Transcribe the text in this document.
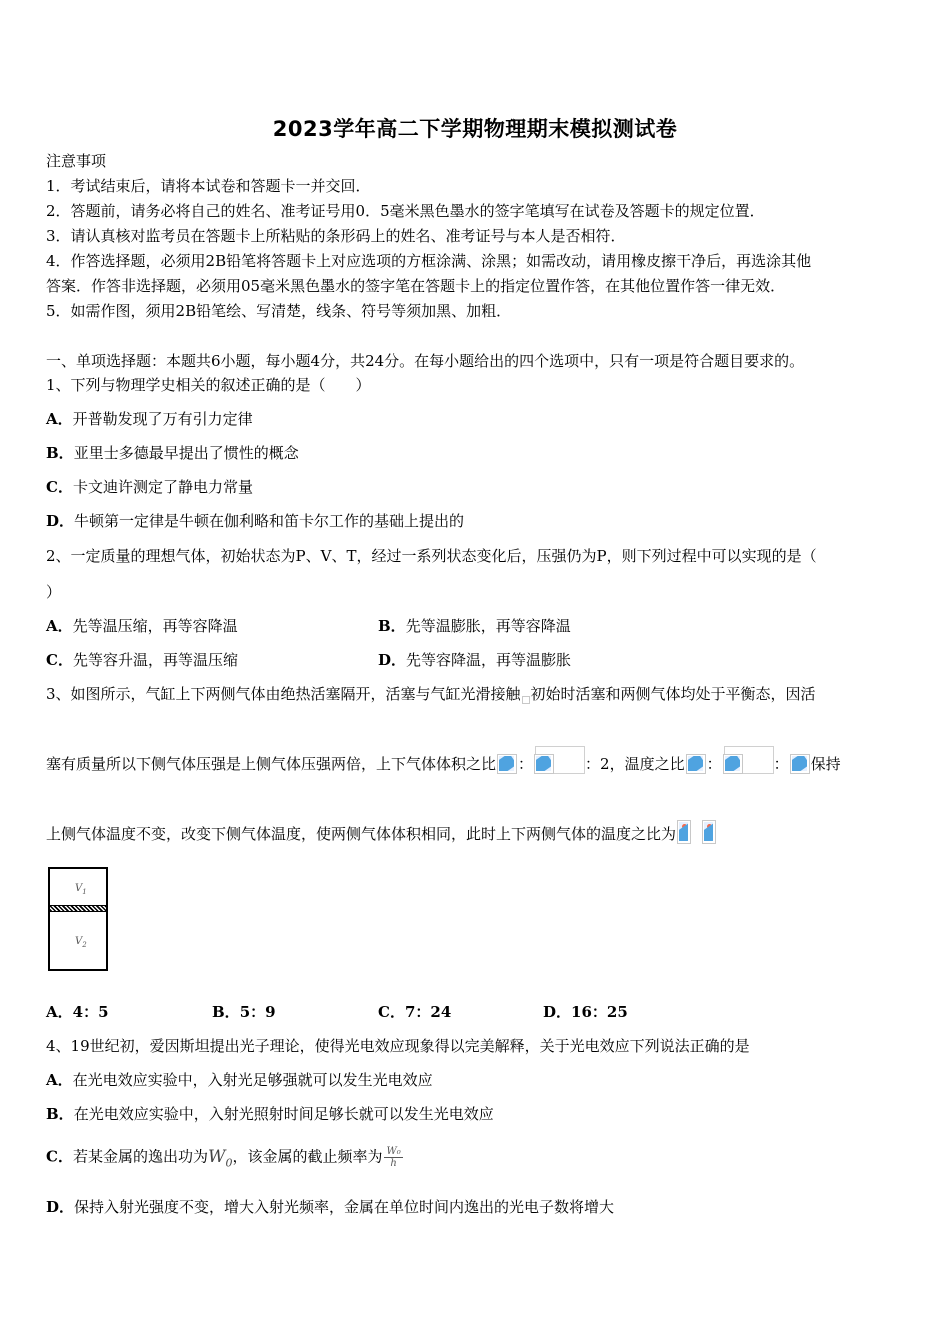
2023学年高二下学期物理期末模拟测试卷
注意事项
1．考试结束后，请将本试卷和答题卡一并交回．
2．答题前，请务必将自己的姓名、准考证号用0．5毫米黑色墨水的签字笔填写在试卷及答题卡的规定位置．
3．请认真核对监考员在答题卡上所粘贴的条形码上的姓名、准考证号与本人是否相符．
4．作答选择题，必须用2B铅笔将答题卡上对应选项的方框涂满、涂黑；如需改动，请用橡皮擦干净后，再选涂其他
答案．作答非选择题，必须用05毫米黑色墨水的签字笔在答题卡上的指定位置作答，在其他位置作答一律无效．
5．如需作图，须用2B铅笔绘、写清楚，线条、符号等须加黑、加粗．
一、单项选择题：本题共6小题，每小题4分，共24分。在每小题给出的四个选项中，只有一项是符合题目要求的。
1、下列与物理学史相关的叙述正确的是（　　）
A．开普勒发现了万有引力定律
B．亚里士多德最早提出了惯性的概念
C．卡文迪许测定了静电力常量
D．牛顿第一定律是牛顿在伽利略和笛卡尔工作的基础上提出的
2、一定质量的理想气体，初始状态为P、V、T，经过一系列状态变化后，压强仍为P，则下列过程中可以实现的是（
）
A．先等温压缩，再等容降温	B．先等温膨胀，再等容降温
C．先等容升温，再等温压缩	D．先等容降温，再等温膨胀
3、如图所示，气缸上下两侧气体由绝热活塞隔开，活塞与气缸光滑接触 初始时活塞和两侧气体均处于平衡态，因活
塞有质量所以下侧气体压强是上侧气体压强两倍，上下气体体积之比 ：	：2，温度之比 ：	： 保持
上侧气体温度不变，改变下侧气体温度，使两侧气体体积相同，此时上下两侧气体的温度之比为
$V_1$
$V_2$
A．4：5	B．5：9	C．7：24	D．16：25
4、19世纪初，爱因斯坦提出光子理论，使得光电效应现象得以完美解释，关于光电效应下列说法正确的是
A．在光电效应实验中，入射光足够强就可以发生光电效应
B．在光电效应实验中，入射光照射时间足够长就可以发生光电效应
C．若某金属的逸出功为$W_0$，该金属的截止频率为 $\frac{\text{W₀}}{h}$
D．保持入射光强度不变，增大入射光频率，金属在单位时间内逸出的光电子数将增大
